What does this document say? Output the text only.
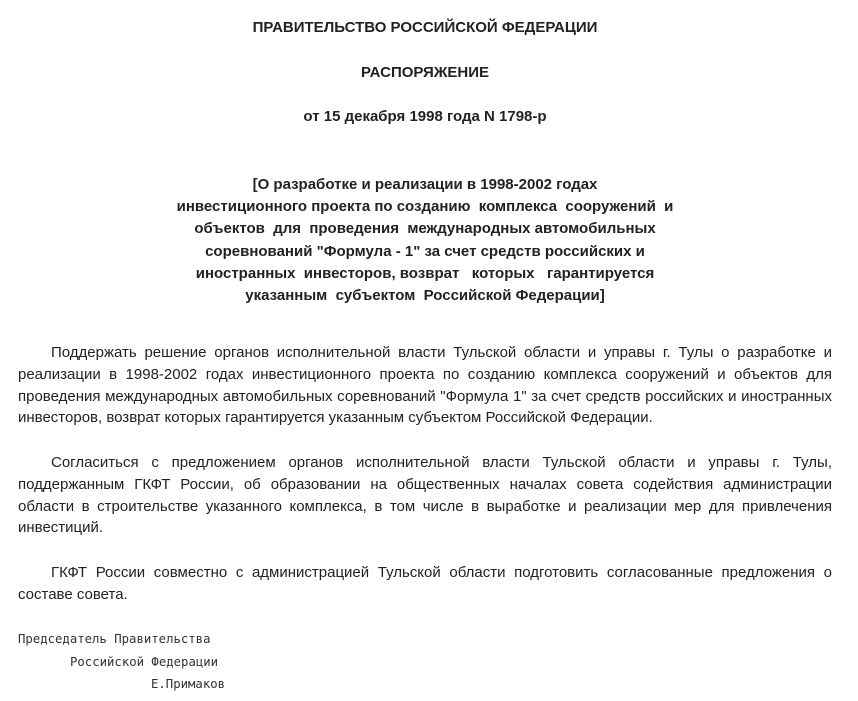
ПРАВИТЕЛЬСТВО РОССИЙСКОЙ ФЕДЕРАЦИИ

РАСПОРЯЖЕНИЕ

от 15 декабря 1998 года N 1798-р

[О разработке и реализации в 1998-2002 годах
инвестиционного проекта по созданию  комплекса  сооружений  и
объектов  для  проведения  международных автомобильных
соревнований "Формула - 1" за счет средств российских и
иностранных  инвесторов, возврат   которых   гарантируется
указанным  субъектом  Российской Федерации]

Поддержать решение органов исполнительной власти Тульской области и управы г. Тулы о разработке и реализации в 1998-2002 годах инвестиционного проекта по созданию комплекса сооружений и объектов для проведения международных автомобильных соревнований "Формула 1" за счет средств российских и иностранных инвесторов, возврат которых гарантируется указанным субъектом Российской Федерации.

Согласиться с предложением органов исполнительной власти Тульской области и управы г. Тулы, поддержанным ГКФТ России, об образовании на общественных началах совета содействия администрации области в строительстве указанного комплекса, в том числе в выработке и реализации мер для привлечения инвестиций.

ГКФТ России совместно с администрацией Тульской области подготовить согласованные предложения о составе совета.

Председатель Правительства
Российской Федерации
Е.Примаков
